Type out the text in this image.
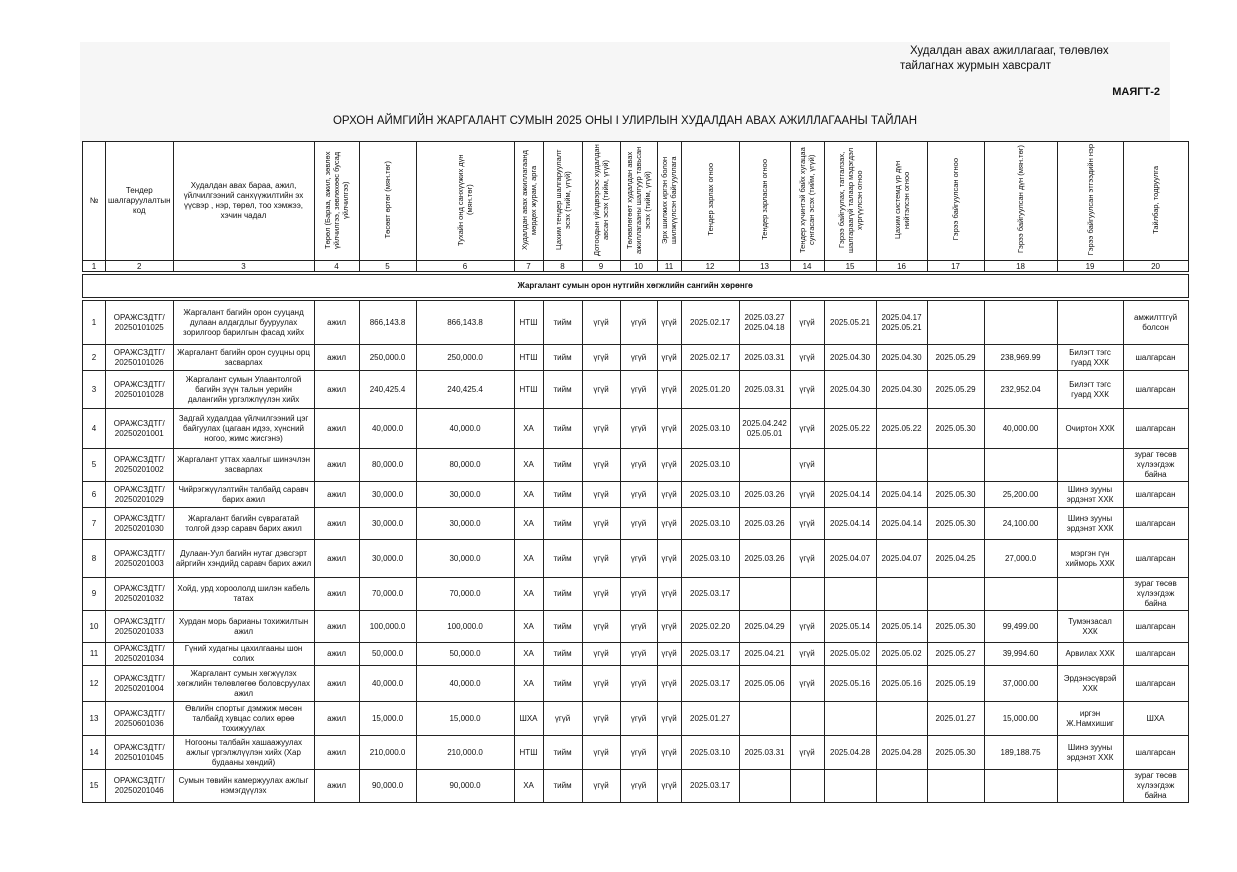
Худалдан авах ажиллагааг, төлөвлөх
тайлагнах журмын хавсралт
МАЯГТ-2
ОРХОН АЙМГИЙН ЖАРГАЛАНТ СУМЫН 2025 ОНЫ I УЛИРЛЫН ХУДАЛДАН АВАХ АЖИЛЛАГААНЫ ТАЙЛАН
№	Тендер шалгаруулалтын код	Худалдан авах бараа, ажил, үйлчилгээний санхүүжилтийн эх үүсвэр , нэр, төрөл, тоо хэмжээ, хэчин чадал	Төрөл (Бараа, ажил, зөвлөх үйлчилгээ, зөвлөхөөс бусад үйлчилгээ)	Төсөвт өртөг (мян.төг)	Тухайн онд санхүүжих дүн (мян.төг)	Худалдан авах ажиллагаанд мөрдөх журам, арга	Цахим тендер шалгаруулалт эсэх (тийм, үгүй)	Дотоодын үйлдвэрээс худалдан авсан эсэх (тийм, үгүй)	Төлөвлөгөөт худалдан авах ажиллагааны шалгуур тавьсан эсэх (тийм, үгүй)	Эрх шилжих иргэн болон шилжүүлсэн байгууллага	Тендер зарлах огноо	Тендер зарласан огноо	Тендер хүчинтэй байх хугацаа сунгасан эсэх (тийм, үгүй)	Гэрээ байгуулах, татгалзах, шалгараагүй талаар мэдэгдэл хүргүүлсэн огноо	Цахим системд үр дүн нийтэлсэн огноо	Гэрээ байгуулсан огноо	Гэрээ байгуулсан дүн (мян.төг)	Гэрээ байгуулсан этгээдийн нэр	Тайлбар, тодруулга
1	2	3	4	5	6	7	8	9	10	11	12	13	14	15	16	17	18	19	20

Жаргалант сумын орон нутгийн хөгжлийн сангийн хөрөнгө																			

1	ОРАЖСЗДТГ/ 20250101025	Жаргалант багийн орон сууцанд дулаан алдагдлыг бууруулах зорилгоор барилгын фасад хийх	ажил	866,143.8	866,143.8	НТШ	тийм	үгүй	үгүй	үгүй	2025.02.17	2025.03.27 2025.04.18	үгүй	2025.05.21	2025.04.17 2025.05.21				амжилттгүй болсон
2	ОРАЖСЗДТГ/ 20250101026	Жаргалант багийн орон сууцны орц засварлах	ажил	250,000.0	250,000.0	НТШ	тийм	үгүй	үгүй	үгүй	2025.02.17	2025.03.31	үгүй	2025.04.30	2025.04.30	2025.05.29	238,969.99	Билэгт тэгс гуард ХХК	шалгарсан
3	ОРАЖСЗДТГ/ 20250101028	Жаргалант сумын Улаантолгой багийн зүүн талын уерийн далангийн ургэлжлүүлэн хийх	ажил	240,425.4	240,425.4	НТШ	тийм	үгүй	үгүй	үгүй	2025.01.20	2025.03.31	үгүй	2025.04.30	2025.04.30	2025.05.29	232,952.04	Билэгт тэгс гуард ХХК	шалгарсан
4	ОРАЖСЗДТГ/ 20250201001	Задгай худалдаа үйлчилгээний цэг байгуулах (цагаан идээ, хүнсний ногоо, жимс жисгэнэ)	ажил	40,000.0	40,000.0	ХА	тийм	үгүй	үгүй	үгүй	2025.03.10	2025.04.242 025.05.01	үгүй	2025.05.22	2025.05.22	2025.05.30	40,000.00	Очиртон ХХК	шалгарсан
5	ОРАЖСЗДТГ/ 20250201002	Жаргалант уттах хаалгыг шинэчлэн засварлах	ажил	80,000.0	80,000.0	ХА	тийм	үгүй	үгүй	үгүй	2025.03.10		үгүй						зураг төсөв хүлээгдэж байна
6	ОРАЖСЗДТГ/ 20250201029	Чийрэгжүүлэлтийн талбайд саравч барих ажил	ажил	30,000.0	30,000.0	ХА	тийм	үгүй	үгүй	үгүй	2025.03.10	2025.03.26	үгүй	2025.04.14	2025.04.14	2025.05.30	25,200.00	Шинэ зууны эрдэнэт ХХК	шалгарсан
7	ОРАЖСЗДТГ/ 20250201030	Жаргалант багийн сүврагатай толгой дээр саравч барих ажил	ажил	30,000.0	30,000.0	ХА	тийм	үгүй	үгүй	үгүй	2025.03.10	2025.03.26	үгүй	2025.04.14	2025.04.14	2025.05.30	24,100.00	Шинэ зууны эрдэнэт ХХК	шалгарсан
8	ОРАЖСЗДТГ/ 20250201003	Дулаан-Уул багийн нутаг дэвсгэрт айргийн хэндийд саравч барих ажил	ажил	30,000.0	30,000.0	ХА	тийм	үгүй	үгүй	үгүй	2025.03.10	2025.03.26	үгүй	2025.04.07	2025.04.07	2025.04.25	27,000.0	мэргэн гүн хийморь ХХК	шалгарсан
9	ОРАЖСЗДТГ/ 20250201032	Хойд, урд хороололд шилэн кабель татах	ажил	70,000.0	70,000.0	ХА	тийм	үгүй	үгүй	үгүй	2025.03.17								зураг төсөв хүлээгдэж байна
10	ОРАЖСЗДТГ/ 20250201033	Хурдан морь барианы тохижилтын ажил	ажил	100,000.0	100,000.0	ХА	тийм	үгүй	үгүй	үгүй	2025.02.20	2025.04.29	үгүй	2025.05.14	2025.05.14	2025.05.30	99,499.00	Тумэнзасал ХХК	шалгарсан
11	ОРАЖСЗДТГ/ 20250201034	Гүний худагны цахилгааны шон солих	ажил	50,000.0	50,000.0	ХА	тийм	үгүй	үгүй	үгүй	2025.03.17	2025.04.21	үгүй	2025.05.02	2025.05.02	2025.05.27	39,994.60	Арвилах ХХК	шалгарсан
12	ОРАЖСЗДТГ/ 20250201004	Жаргалант сумын хөгжүүлэх хөгжлийн төлөвлөгөө боловсруулах ажил	ажил	40,000.0	40,000.0	ХА	тийм	үгүй	үгүй	үгүй	2025.03.17	2025.05.06	үгүй	2025.05.16	2025.05.16	2025.05.19	37,000.00	Эрдэнэсүврэй ХХК	шалгарсан
13	ОРАЖСЗДТГ/ 20250601036	Өвлийн спортыг дэмжиж мөсөн талбайд хувцас солих өрөө тохижуулах	ажил	15,000.0	15,000.0	ШХА	үгүй	үгүй	үгүй	үгүй	2025.01.27					2025.01.27	15,000.00	иргэн Ж.Намхишиг	ШХА
14	ОРАЖСЗДТГ/ 20250101045	Ногооны талбайн хашаажуулах ажлыг үргэлжлүүлэн хийх (Хар будааны хөндий)	ажил	210,000.0	210,000.0	НТШ	тийм	үгүй	үгүй	үгүй	2025.03.10	2025.03.31	үгүй	2025.04.28	2025.04.28	2025.05.30	189,188.75	Шинэ зууны эрдэнэт ХХК	шалгарсан
15	ОРАЖСЗДТГ/ 20250201046	Сумын төвийн камержуулах ажлыг нэмэгдүүлэх	ажил	90,000.0	90,000.0	ХА	тийм	үгүй	үгүй	үгүй	2025.03.17								зураг төсөв хүлээгдэж байна
